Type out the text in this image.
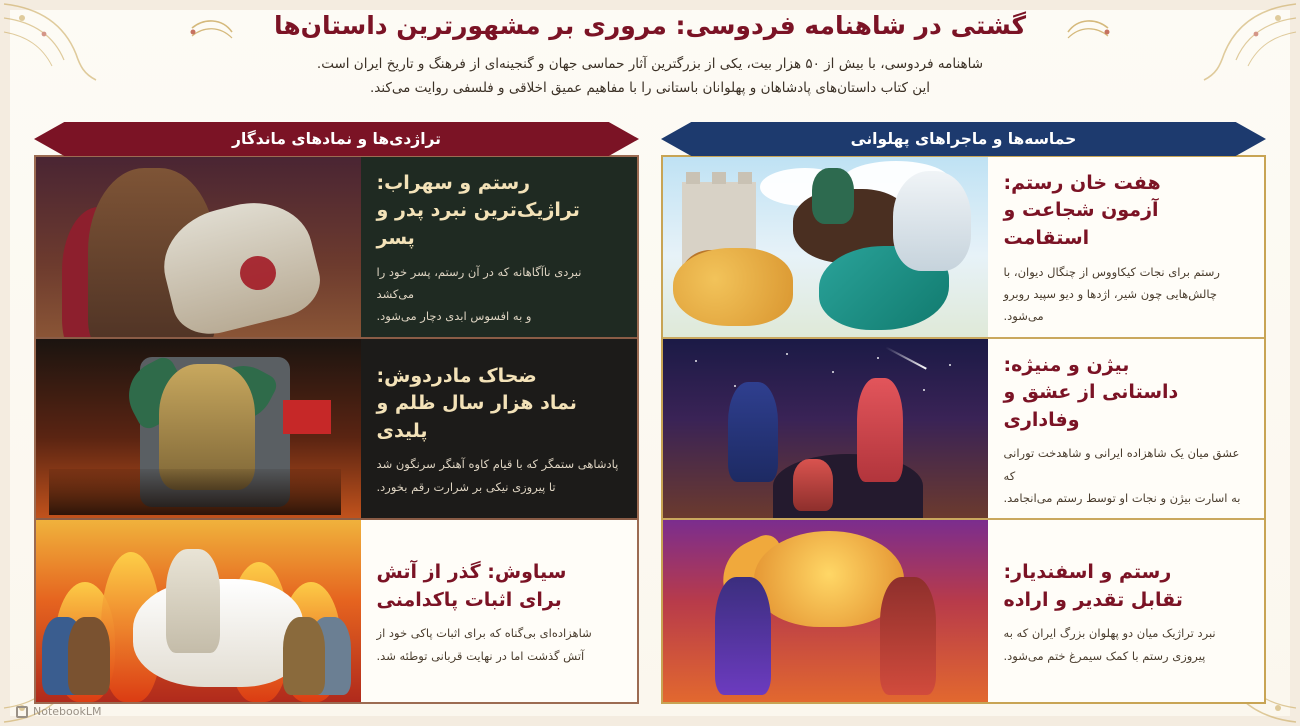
گشتی در شاهنامه فردوسی: مروری بر مشهورترین داستان‌ها
شاهنامه فردوسی، با بیش از ۵۰ هزار بیت، یکی از بزرگترین آثار حماسی جهان و گنجینه‌ای از فرهنگ و تاریخ ایران است.
این کتاب داستان‌های پادشاهان و پهلوانان باستانی را با مفاهیم عمیق اخلاقی و فلسفی روایت می‌کند.
حماسه‌ها و ماجراهای پهلوانی
هفت خان رستم:
آزمون شجاعت و استقامت

رستم برای نجات کیکاووس از چنگال دیوان، با
چالش‌هایی چون شیر، اژدها و دیو سپید روبرو می‌شود.

بیژن و منیژه:
داستانی از عشق و وفاداری

عشق میان یک شاهزاده ایرانی و شاهدخت تورانی که
به اسارت بیژن و نجات او توسط رستم می‌انجامد.

رستم و اسفندیار:
تقابل تقدیر و اراده

نبرد تراژیک میان دو پهلوان بزرگ ایران که به
پیروزی رستم با کمک سیمرغ ختم می‌شود.

تراژدی‌ها و نمادهای ماندگار
رستم و سهراب:
تراژیک‌ترین نبرد پدر و پسر

نبردی ناآگاهانه که در آن رستم، پسر خود را می‌کشد
و به افسوس ابدی دچار می‌شود.

ضحاک مادردوش:
نماد هزار سال ظلم و پلیدی

پادشاهی ستمگر که با قیام کاوه آهنگر سرنگون شد
تا پیروزی نیکی بر شرارت رقم بخورد.

سیاوش: گذر از آتش
برای اثبات پاکدامنی

شاهزاده‌ای بی‌گناه که برای اثبات پاکی خود از
آتش گذشت اما در نهایت قربانی توطئه شد.

NotebookLM
